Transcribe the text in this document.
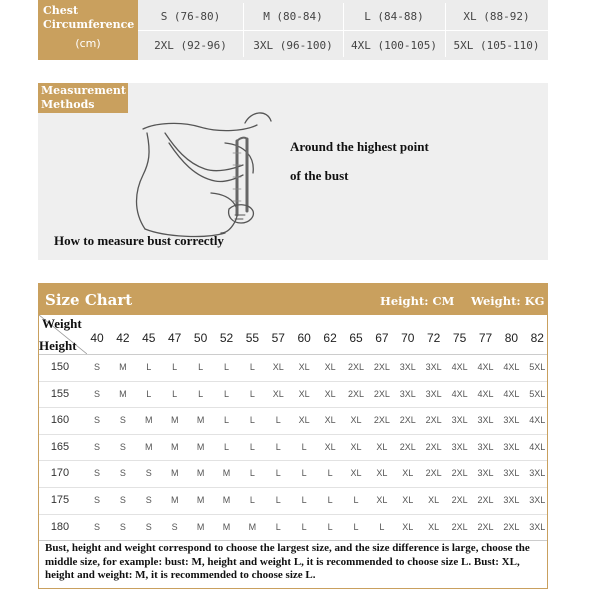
Chest
Circumference
(cm)
S (76-80)	M (80-84)	L (84-88)	XL (88-92)
2XL (92-96)	3XL (96-100)	4XL (100-105)	5XL (105-110)
Measurement
Methods
Around the highest point
of the bust
How to measure bust correctly
Size Chart	Height: CM Weight: KG
Weight
Height	40	42	45	47	50	52	55	57	60	62	65	67	70	72	75	77	80	82
150	S	M	L	L	L	L	L	XL	XL	XL	2XL	2XL	3XL	3XL	4XL	4XL	4XL	5XL
155	S	M	L	L	L	L	L	XL	XL	XL	2XL	2XL	3XL	3XL	4XL	4XL	4XL	5XL
160	S	S	M	M	M	L	L	L	XL	XL	XL	2XL	2XL	2XL	3XL	3XL	3XL	4XL
165	S	S	M	M	M	L	L	L	L	XL	XL	XL	2XL	2XL	3XL	3XL	3XL	4XL
170	S	S	S	M	M	M	L	L	L	L	XL	XL	XL	2XL	2XL	3XL	3XL	3XL
175	S	S	S	M	M	M	L	L	L	L	L	XL	XL	XL	2XL	2XL	3XL	3XL
180	S	S	S	S	M	M	M	L	L	L	L	L	XL	XL	2XL	2XL	2XL	3XL
Bust, height and weight correspond to choose the largest size, and the size difference is large, choose the middle size, for example: bust: M, height and weight L, it is recommended to choose size L. Bust: XL, height and weight: M, it is recommended to choose size L.
